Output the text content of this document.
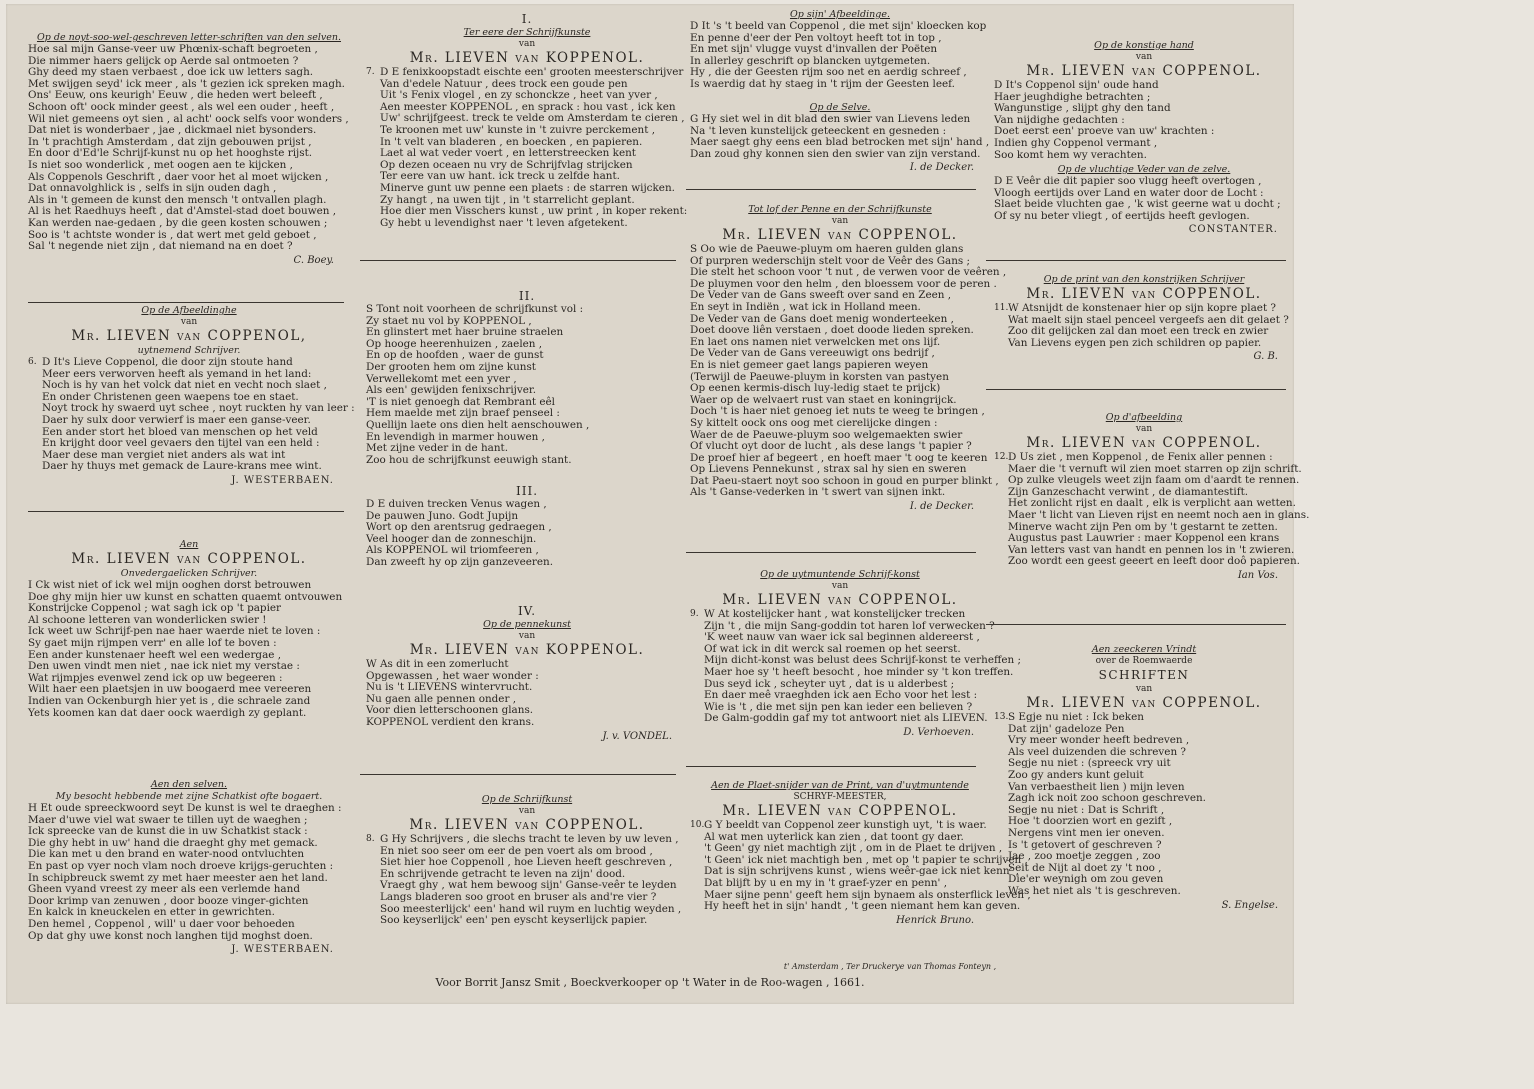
Op de noyt-soo-wel-geschreven letter-schriften van den selven.

Hoe sal mijn Ganse-veer uw Phœnix-schaft begroeten ,

Die nimmer haers gelijck op Aerde sal ontmoeten ?

Ghy deed my staen verbaest , doe ick uw letters sagh.

Met swijgen seyd' ick meer , als 't gezien ick spreken magh.

Ons' Eeuw, ons keurigh' Eeuw , die heden wert beleeft ,

Schoon oft' oock minder geest , als wel een ouder , heeft ,

Wil niet gemeens oyt sien , al acht' oock selfs voor wonders ,

Dat niet is wonderbaer , jae , dickmael niet bysonders.

In 't prachtigh Amsterdam , dat zijn gebouwen prijst ,

En door d'Ed'le Schrijf-kunst nu op het hooghste rijst.

Is niet soo wonderlick , met oogen aen te kijcken ,

Als Coppenols Geschrift , daer voor het al moet wijcken ,

Dat onnavolghlick is , selfs in sijn ouden dagh ,

Als in 't gemeen de kunst den mensch 't ontvallen plagh.

Al is het Raedhuys heeft , dat d'Amstel-stad doet bouwen ,

Kan werden nae-gedaen , by die geen kosten schouwen ;

Soo is 't achtste wonder is , dat wert met geld geboet ,

Sal 't negende niet zijn , dat niemand na en doet ?

C. Boey.

Op de Afbeeldinghe

van

Mr. LIEVEN van COPPENOL,

uytnemend Schrijver.

6. D It's Lieve Coppenol, die door zijn stoute hand

Meer eers verworven heeft als yemand in het land:

Noch is hy van het volck dat niet en vecht noch slaet ,

En onder Christenen geen waepens toe en staet.

Noyt trock hy swaerd uyt schee , noyt ruckten hy van leer :

Daer hy sulx door verwierf is maer een ganse-veer.

Een ander stort het bloed van menschen op het veld

En krijght door veel gevaers den tijtel van een held :

Maer dese man vergiet niet anders als wat int

Daer hy thuys met gemack de Laure-krans mee wint.

J. WESTERBAEN.

Aen

Mr. LIEVEN van COPPENOL.

Onvedergaelicken Schrijver.

I Ck wist niet of ick wel mijn ooghen dorst betrouwen

Doe ghy mijn hier uw kunst en schatten quaemt ontvouwen

Konstrijcke Coppenol ; wat sagh ick op 't papier

Al schoone letteren van wonderlicken swier !

Ick weet uw Schrijf-pen nae haer waerde niet te loven :

Sy gaet mijn rijmpen verr' en alle lof te boven :

Een ander kunstenaer heeft wel een wedergae ,

Den uwen vindt men niet , nae ick niet my verstae :

Wat rijmpjes evenwel zend ick op uw begeeren :

Wilt haer een plaetsjen in uw boogaerd mee vereeren

Indien van Ockenburgh hier yet is , die schraele zand

Yets koomen kan dat daer oock waerdigh zy geplant.

Aen den selven.

My besocht hebbende met zijne Schatkist ofte bogaert.

H Et oude spreeckwoord seyt De kunst is wel te draeghen :

Maer d'uwe viel wat swaer te tillen uyt de waeghen ;

Ick spreecke van de kunst die in uw Schatkist stack :

Die ghy hebt in uw' hand die draeght ghy met gemack.

Die kan met u den brand en water-nood ontvluchten

En past op vyer noch vlam noch droeve krijgs-geruchten :

In schipbreuck swemt zy met haer meester aen het land.

Gheen vyand vreest zy meer als een verlemde hand

Door krimp van zenuwen , door booze vinger-gichten

En kalck in kneuckelen en etter in gewrichten.

Den hemel , Coppenol , will' u daer voor behoeden

Op dat ghy uwe konst noch langhen tijd moghst doen.

J. WESTERBAEN.

I.

Ter eere der Schrijfkunste

van

Mr. LIEVEN van KOPPENOL.

7. D E fenixkoopstadt eischte een' grooten meesterschrijver

Van d'edele Natuur , dees trock een goude pen

Uit 's Fenix vlogel , en zy schonckze , heet van yver ,

Aen meester KOPPENOL , en sprack : hou vast , ick ken

Uw' schrijfgeest. treck te velde om Amsterdam te cieren ,

Te kroonen met uw' kunste in 't zuivre perckement ,

In 't velt van bladeren , en boecken , en papieren.

Laet al wat veder voert , en letterstreecken kent

Op dezen oceaen nu vry de Schrijfvlag strijcken

Ter eere van uw hant. ick treck u zelfde hant.

Minerve gunt uw penne een plaets : de starren wijcken.

Zy hangt , na uwen tijt , in 't starrelicht geplant.

Hoe dier men Visschers kunst , uw print , in koper rekent:

Gy hebt u levendighst naer 't leven afgetekent.

II.

S Tont noit voorheen de schrijfkunst vol :

Zy staet nu vol by KOPPENOL ,

En glinstert met haer bruine straelen

Op hooge heerenhuizen , zaelen ,

En op de hoofden , waer de gunst

Der grooten hem om zijne kunst

Verwellekomt met een yver ,

Als een' gewijden fenixschrijver.

'T is niet genoegh dat Rembrant eêl

Hem maelde met zijn braef penseel :

Quellijn laete ons dien helt aenschouwen ,

En levendigh in marmer houwen ,

Met zijne veder in de hant.

Zoo hou de schrijfkunst eeuwigh stant.

III.

D E duiven trecken Venus wagen ,

De pauwen Juno. Godt Jupijn

Wort op den arentsrug gedraegen ,

Veel hooger dan de zonneschijn.

Als KOPPENOL wil triomfeeren ,

Dan zweeft hy op zijn ganzeveeren.

IV.

Op de pennekunst

van

Mr. LIEVEN van KOPPENOL.

W As dit in een zomerlucht

Opgewassen , het waer wonder :

Nu is 't LIEVENS wintervrucht.

Nu gaen alle pennen onder ,

Voor dien letterschoonen glans.

KOPPENOL verdient den krans.

J. v. VONDEL.

Op de Schrijfkunst

van

Mr. LIEVEN van COPPENOL.

8. G Hy Schrijvers , die slechs tracht te leven by uw leven ,

En niet soo seer om eer de pen voert als om brood ,

Siet hier hoe Coppenoll , hoe Lieven heeft geschreven ,

En schrijvende getracht te leven na zijn' dood.

Vraegt ghy , wat hem bewoog sijn' Ganse-veêr te leyden

Langs bladeren soo groot en bruser als and're vier ?

Soo meesterlijck' een' hand wil ruym en luchtig weyden ,

Soo keyserlijck' een' pen eyscht keyserlijck papier.

Op sijn' Afbeeldinge.

D It 's 't beeld van Coppenol , die met sijn' kloecken kop

En penne d'eer der Pen voltoyt heeft tot in top ,

En met sijn' vlugge vuyst d'invallen der Poëten

In allerley geschrift op blancken uytgemeten.

Hy , die der Geesten rijm soo net en aerdig schreef ,

Is waerdig dat hy staeg in 't rijm der Geesten leef.

Op de Selve.

G Hy siet wel in dit blad den swier van Lievens leden

Na 't leven kunstelijck geteeckent en gesneden :

Maer saegt ghy eens een blad betrocken met sijn' hand ,

Dan zoud ghy konnen sien den swier van zijn verstand.

I. de Decker.

Tot lof der Penne en der Schrijfkunste

van

Mr. LIEVEN van COPPENOL.

S Oo wie de Paeuwe-pluym om haeren gulden glans

Of purpren wederschijn stelt voor de Veêr des Gans ;

Die stelt het schoon voor 't nut , de verwen voor de veêren ,

De pluymen voor den helm , den bloessem voor de peren .

De Veder van de Gans sweeft over sand en Zeen ,

En seyt in Indiën , wat ick in Holland meen.

De Veder van de Gans doet menig wonderteeken ,

Doet doove liên verstaen , doet doode lieden spreken.

En laet ons namen niet verwelcken met ons lijf.

De Veder van de Gans vereeuwigt ons bedrijf ,

En is niet gemeer gaet langs papieren weyen

(Terwijl de Paeuwe-pluym in korsten van pastyen

Op eenen kermis-disch luy-ledig staet te prijck)

Waer op de welvaert rust van staet en koningrijck.

Doch 't is haer niet genoeg iet nuts te weeg te bringen ,

Sy kittelt oock ons oog met cierelijcke dingen :

Waer de de Paeuwe-pluym soo welgemaekten swier

Of vlucht oyt door de lucht , als dese langs 't papier ?

De proef hier af begeert , en hoeft maer 't oog te keeren

Op Lievens Pennekunst , strax sal hy sien en sweren

Dat Paeu-staert noyt soo schoon in goud en purper blinkt ,

Als 't Ganse-vederken in 't swert van sijnen inkt.

I. de Decker.

Op de uytmuntende Schrijf-konst

van

Mr. LIEVEN van COPPENOL.

9. W At kostelijcker hant , wat konstelijcker trecken

Zijn 't , die mijn Sang-goddin tot haren lof verwecken ?

'K weet nauw van waer ick sal beginnen aldereerst ,

Of wat ick in dit werck sal roemen op het seerst.

Mijn dicht-konst was belust dees Schrijf-konst te verheffen ;

Maer hoe sy 't heeft besocht , hoe minder sy 't kon treffen.

Dus seyd ick , scheyter uyt , dat is u alderbest ;

En daer meê vraeghden ick aen Echo voor het lest :

Wie is 't , die met sijn pen kan ieder een believen ?

De Galm-goddin gaf my tot antwoort niet als LIEVEN.

D. Verhoeven.

Aen de Plaet-snijder van de Print, van d'uytmuntende

SCHRYF-MEESTER,

Mr. LIEVEN van COPPENOL.

10. G Y beeldt van Coppenol zeer kunstigh uyt, 't is waer.

Al wat men uyterlick kan zien , dat toont gy daer.

't Geen' gy niet machtigh zijt , om in de Plaet te drijven ,

't Geen' ick niet machtigh ben , met op 't papier te schrijven ,

Dat is sijn schrijvens kunst , wiens weêr-gae ick niet kenn' ,

Dat blijft by u en my in 't graef-yzer en penn' ,

Maer sijne penn' geeft hem sijn bynaem als onsterflick leven ,

Hy heeft het in sijn' handt , 't geen niemant hem kan geven.

Henrick Bruno.

Op de konstige hand

van

Mr. LIEVEN van COPPENOL.

D It's Coppenol sijn' oude hand

Haer jeughdighe betrachten ;

Wangunstige , slijpt ghy den tand

Van nijdighe gedachten :

Doet eerst een' proeve van uw' krachten :

Indien ghy Coppenol vermant ,

Soo komt hem wy verachten.

Op de vluchtige Veder van de zelve.

D E Veêr die dit papier soo vlugg heeft overtogen ,

Vloogh eertijds over Land en water door de Locht :

Slaet beide vluchten gae , 'k wist geerne wat u docht ;

Of sy nu beter vliegt , of eertijds heeft gevlogen.

CONSTANTER.

Op de print van den konstrijken Schrijver

Mr. LIEVEN van COPPENOL.

11. W Atsnijdt de konstenaer hier op sijn kopre plaet ?

Wat maelt sijn stael penceel vergeefs aen dit gelaet ?

Zoo dit gelijcken zal dan moet een treck en zwier

Van Lievens eygen pen zich schildren op papier.

G. B.

Op d'afbeelding

van

Mr. LIEVEN van COPPENOL.

12. D Us ziet , men Koppenol , de Fenix aller pennen :

Maer die 't vernuft wil zien moet starren op zijn schrift.

Op zulke vleugels weet zijn faam om d'aardt te rennen.

Zijn Ganzeschacht verwint , de diamantestift.

Het zonlicht rijst en daalt , elk is verplicht aan wetten.

Maer 't licht van Lieven rijst en neemt noch aen in glans.

Minerve wacht zijn Pen om by 't gestarnt te zetten.

Augustus past Lauwrier : maer Koppenol een krans

Van letters vast van handt en pennen los in 't zwieren.

Zoo wordt een geest geeert en leeft door doô papieren.

Ian Vos.

Aen zeeckeren Vrindt

over de Roemwaerde

SCHRIFTEN

van

Mr. LIEVEN van COPPENOL.

13. S Egje nu niet : Ick beken

Dat zijn' gadeloze Pen

Vry meer wonder heeft bedreven ,

Als veel duizenden die schreven ?

Segje nu niet : (spreeck vry uit

Zoo gy anders kunt geluit

Van verbaestheit lien ) mijn leven

Zagh ick noit zoo schoon geschreven.

Segje nu niet : Dat is Schrift ,

Hoe 't doorzien wort en gezift ,

Nergens vint men ier oneven.

Is 't getovert of geschreven ?

Jae , zoo moetje zeggen , zoo

Seit de Nijt al doet zy 't noo ,

Die'er weynigh om zou geven

Was het niet als 't is geschreven.

S. Engelse.

t' Amsterdam , Ter Druckerye van Thomas Fonteyn ,

Voor Borrit Jansz Smit , Boeckverkooper op 't Water in de Roo-wagen , 1661.
